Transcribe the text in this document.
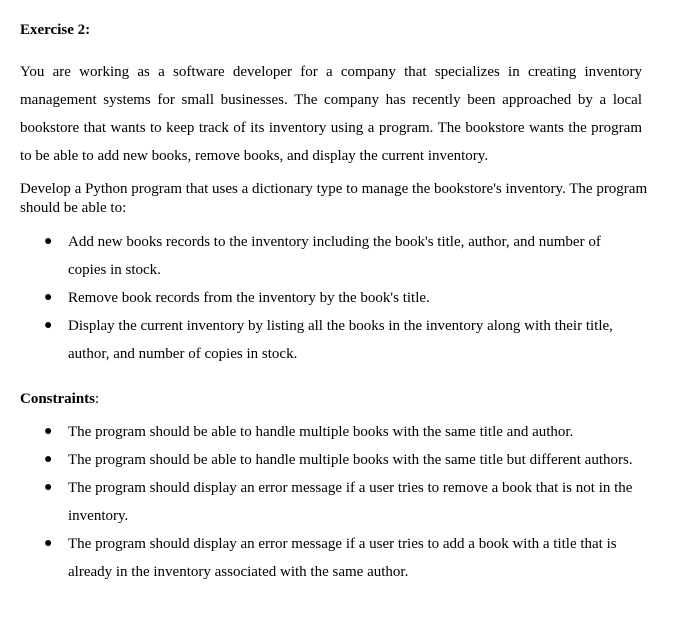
Exercise 2:
You are working as a software developer for a company that specializes in creating inventory management systems for small businesses. The company has recently been approached by a local bookstore that wants to keep track of its inventory using a program. The bookstore wants the program to be able to add new books, remove books, and display the current inventory.
Develop a Python program that uses a dictionary type to manage the bookstore's inventory. The program should be able to:
● Add new books records to the inventory including the book's title, author, and number of copies in stock.
● Remove book records from the inventory by the book's title.
● Display the current inventory by listing all the books in the inventory along with their title, author, and number of copies in stock.
Constraints:
● The program should be able to handle multiple books with the same title and author.
● The program should be able to handle multiple books with the same title but different authors.
● The program should display an error message if a user tries to remove a book that is not in the inventory.
● The program should display an error message if a user tries to add a book with a title that is already in the inventory associated with the same author.
